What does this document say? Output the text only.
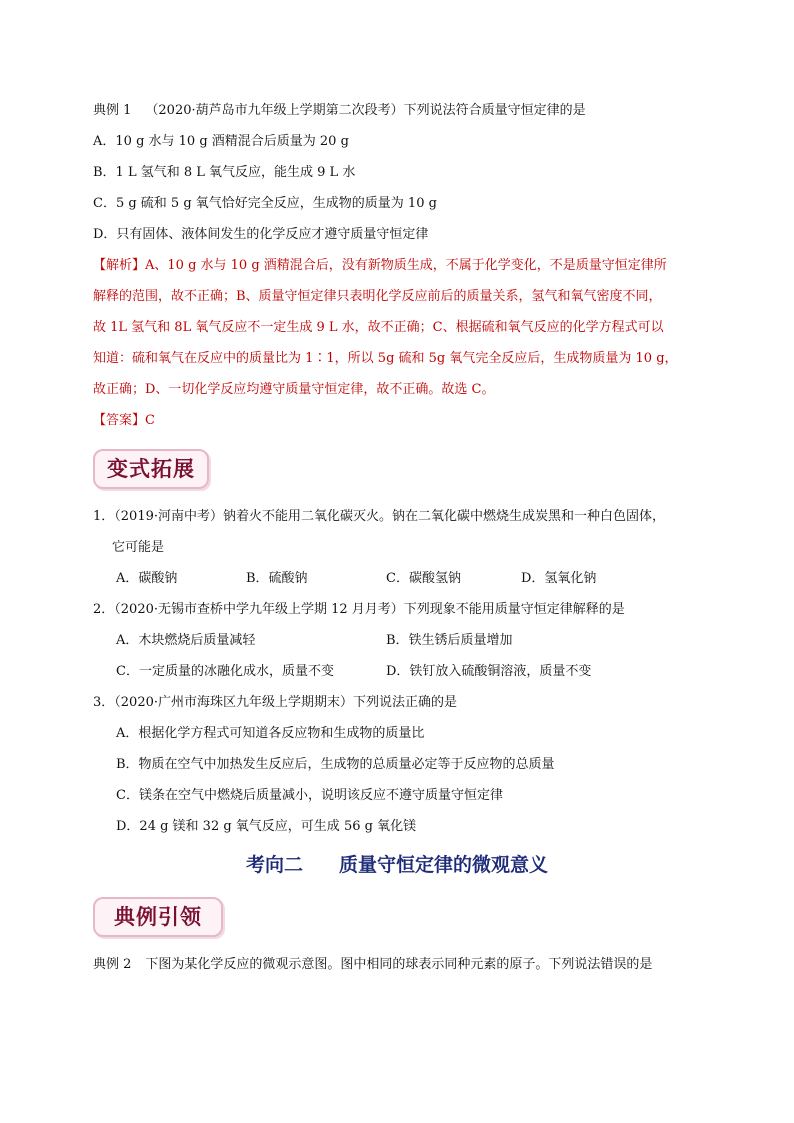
典例 1 （2020·葫芦岛市九年级上学期第二次段考）下列说法符合质量守恒定律的是
A．10 g 水与 10 g 酒精混合后质量为 20 g
B．1 L 氢气和 8 L 氧气反应，能生成 9 L 水
C．5 g 硫和 5 g 氧气恰好完全反应，生成物的质量为 10 g
D．只有固体、液体间发生的化学反应才遵守质量守恒定律
【解析】A、10 g 水与 10 g 酒精混合后，没有新物质生成，不属于化学变化，不是质量守恒定律所
解释的范围，故不正确；B、质量守恒定律只表明化学反应前后的质量关系，氢气和氧气密度不同，
故 1L 氢气和 8L 氧气反应不一定生成 9 L 水，故不正确；C、根据硫和氧气反应的化学方程式可以
知道：硫和氧气在反应中的质量比为 1∶1，所以 5g 硫和 5g 氧气完全反应后，生成物质量为 10 g，
故正确；D、一切化学反应均遵守质量守恒定律，故不正确。故选 C。
【答案】C
变式拓展
1．（2019·河南中考）钠着火不能用二氧化碳灭火。钠在二氧化碳中燃烧生成炭黑和一种白色固体，
它可能是
A．碳酸钠	B．硫酸钠	C．碳酸氢钠	D．氢氧化钠
2．（2020·无锡市查桥中学九年级上学期 12 月月考）下列现象不能用质量守恒定律解释的是
A．木块燃烧后质量减轻	B．铁生锈后质量增加
C．一定质量的冰融化成水，质量不变	D．铁钉放入硫酸铜溶液，质量不变
3．（2020·广州市海珠区九年级上学期期末）下列说法正确的是
A．根据化学方程式可知道各反应物和生成物的质量比
B．物质在空气中加热发生反应后，生成物的总质量必定等于反应物的总质量
C．镁条在空气中燃烧后质量减小，说明该反应不遵守质量守恒定律
D．24 g 镁和 32 g 氧气反应，可生成 56 g 氧化镁
考向二 质量守恒定律的微观意义
典例引领
典例 2 下图为某化学反应的微观示意图。图中相同的球表示同种元素的原子。下列说法错误的是
